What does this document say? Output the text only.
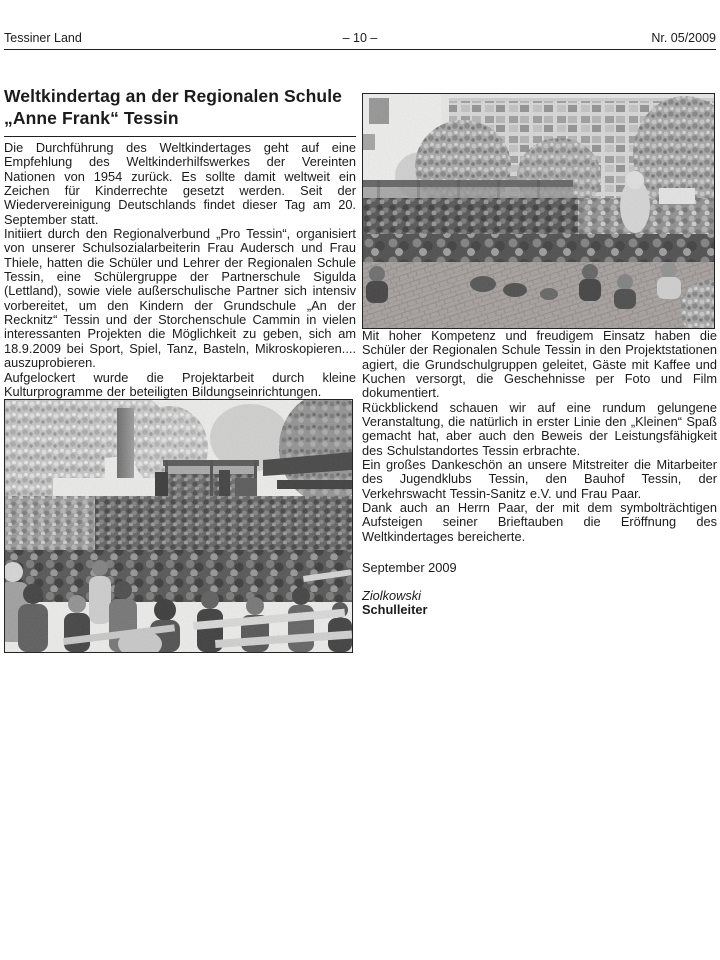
Tessiner Land	– 10 –	Nr. 05/2009
Weltkindertag an der Regionalen Schule
„Anne Frank“ Tessin

Die Durchführung des Weltkindertages geht auf eine Empfehlung des Weltkinderhilfswerkes der Vereinten Nationen von 1954 zurück. Es sollte damit weltweit ein Zeichen für Kinderrechte gesetzt werden. Seit der Wiedervereinigung Deutschlands findet dieser Tag am 20. September statt.

Initiiert durch den Regionalverbund „Pro Tessin“, organisiert von unserer Schulsozialarbeiterin Frau Audersch und Frau Thiele, hatten die Schüler und Lehrer der Regionalen Schule Tessin, eine Schülergruppe der Partnerschule Sigulda (Lettland), sowie viele außerschulische Partner sich intensiv vorbereitet, um den Kindern der Grundschule „An der Recknitz“ Tessin und der Storchenschule Cammin in vielen interessanten Projekten die Möglichkeit zu geben, sich am 18.9.2009 bei Sport, Spiel, Tanz, Basteln, Mikroskopieren.... auszuprobieren.

Aufgelockert wurde die Projektarbeit durch kleine Kulturprogramme der beteiligten Bildungseinrichtungen.

Mit hoher Kompetenz und freudigem Einsatz haben die Schüler der Regionalen Schule Tessin in den Projektstationen agiert, die Grundschulgruppen geleitet, Gäste mit Kaffee und Kuchen versorgt, die Geschehnisse per Foto und Film dokumentiert.

Rückblickend schauen wir auf eine rundum gelungene Veranstaltung, die natürlich in erster Linie den „Kleinen“ Spaß gemacht hat, aber auch den Beweis der Leistungsfähigkeit des Schulstandortes Tessin erbrachte.

Ein großes Dankeschön an unsere Mitstreiter die Mitarbeiter des Jugendklubs Tessin, den Bauhof Tessin, der Verkehrswacht Tessin-Sanitz e.V. und Frau Paar.

Dank auch an Herrn Paar, der mit dem symbolträchtigen Aufsteigen seiner Brieftauben die Eröffnung des Weltkindertages bereicherte.

September 2009

Ziolkowski

Schulleiter
